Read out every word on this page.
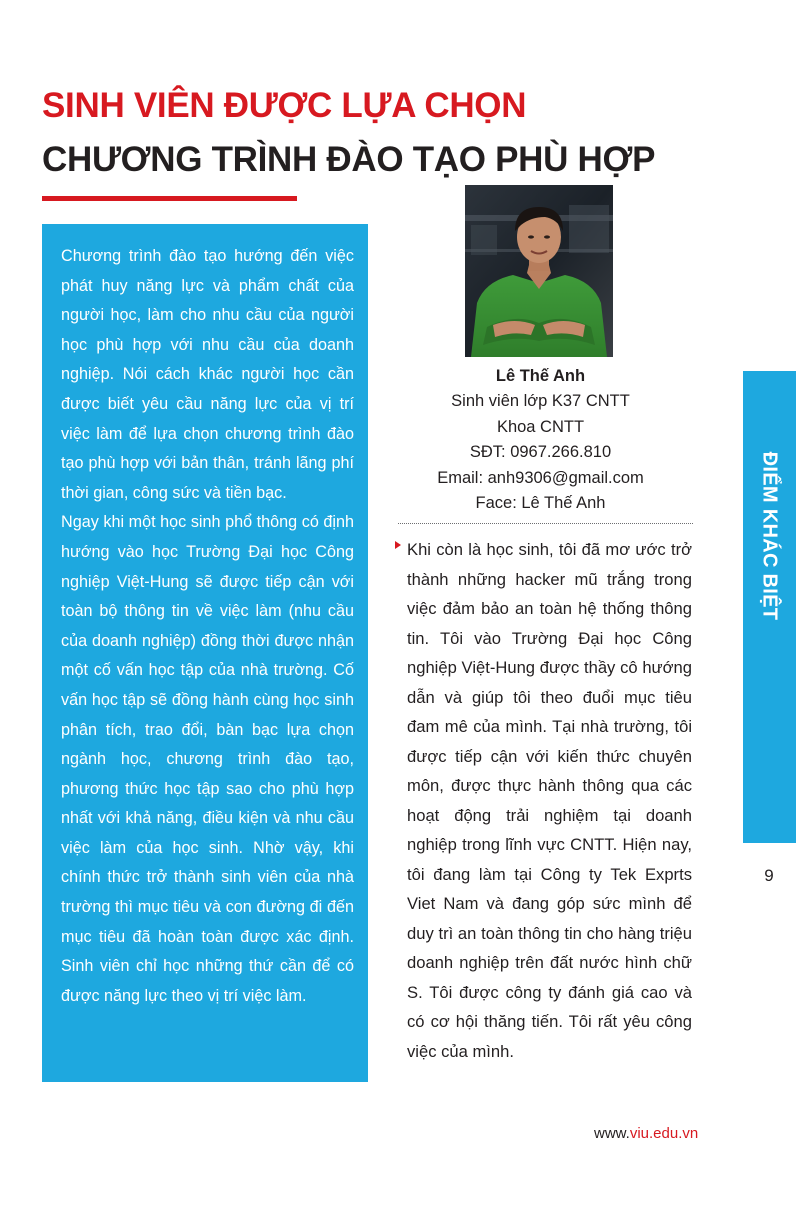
SINH VIÊN ĐƯỢC LỰA CHỌN
CHƯƠNG TRÌNH ĐÀO TẠO PHÙ HỢP

Chương trình đào tạo hướng đến việc phát huy năng lực và phẩm chất của người học, làm cho nhu cầu của người học phù hợp với nhu cầu của doanh nghiệp. Nói cách khác người học cần được biết yêu cầu năng lực của vị trí việc làm để lựa chọn chương trình đào tạo phù hợp với bản thân, tránh lãng phí thời gian, công sức và tiền bạc.

Ngay khi một học sinh phổ thông có định hướng vào học Trường Đại học Công nghiệp Việt-Hung sẽ được tiếp cận với toàn bộ thông tin về việc làm (nhu cầu của doanh nghiệp) đồng thời được nhận một cố vấn học tập của nhà trường. Cố vấn học tập sẽ đồng hành cùng học sinh phân tích, trao đổi, bàn bạc lựa chọn ngành học, chương trình đào tạo, phương thức học tập sao cho phù hợp nhất với khả năng, điều kiện và nhu cầu việc làm của học sinh. Nhờ vậy, khi chính thức trở thành sinh viên của nhà trường thì mục tiêu và con đường đi đến mục tiêu đã hoàn toàn được xác định. Sinh viên chỉ học những thứ cần để có được năng lực theo vị trí việc làm.

Lê Thế Anh
Sinh viên lớp K37 CNTT
Khoa CNTT
SĐT: 0967.266.810
Email: anh9306@gmail.com
Face: Lê Thế Anh

Khi còn là học sinh, tôi đã mơ ước trở thành những hacker mũ trắng trong việc đảm bảo an toàn hệ thống thông tin. Tôi vào Trường Đại học Công nghiệp Việt-Hung được thầy cô hướng dẫn và giúp tôi theo đuổi mục tiêu đam mê của mình. Tại nhà trường, tôi được tiếp cận với kiến thức chuyên môn, được thực hành thông qua các hoạt động trải nghiệm tại doanh nghiệp trong lĩnh vực CNTT. Hiện nay, tôi đang làm tại Công ty Tek Exprts Viet Nam và đang góp sức mình để duy trì an toàn thông tin cho hàng triệu doanh nghiệp trên đất nước hình chữ S. Tôi được công ty đánh giá cao và có cơ hội thăng tiến. Tôi rất yêu công việc của mình.

ĐIỂM KHÁC BIỆT
9
www.viu.edu.vn
